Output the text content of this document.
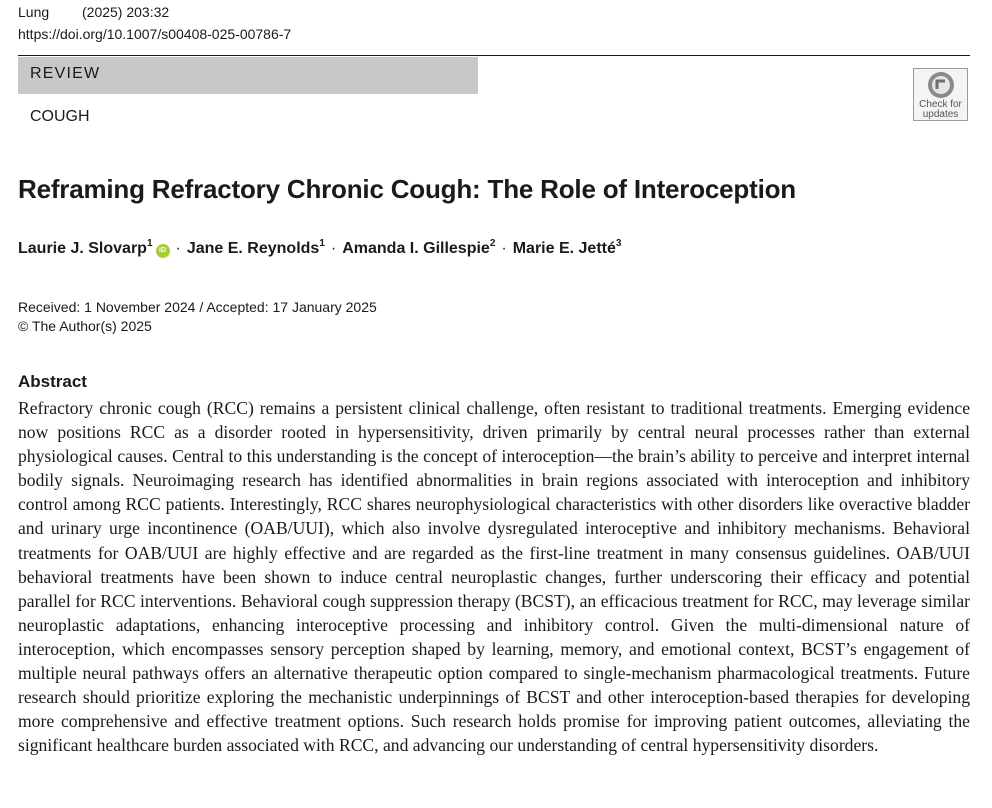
Lung (2025) 203:32
https://doi.org/10.1007/s00408-025-00786-7
REVIEW
COUGH
Check for
updates
Reframing Refractory Chronic Cough: The Role of Interoception
Laurie J. Slovarp$^1$iD · Jane E. Reynolds$^1$ · Amanda I. Gillespie$^2$ · Marie E. Jetté$^3$
Received: 1 November 2024 / Accepted: 17 January 2025
© The Author(s) 2025
Abstract

Refractory chronic cough (RCC) remains a persistent clinical challenge, often resistant to traditional treatments. Emerging evidence now positions RCC as a disorder rooted in hypersensitivity, driven primarily by central neural processes rather than external physiological causes. Central to this understanding is the concept of interoception—the brain’s ability to perceive and interpret internal bodily signals. Neuroimaging research has identified abnormalities in brain regions associated with interoception and inhibitory control among RCC patients. Interestingly, RCC shares neurophysiological characteristics with other disorders like overactive bladder and urinary urge incontinence (OAB/UUI), which also involve dysregulated interoceptive and inhibitory mechanisms. Behavioral treatments for OAB/UUI are highly effective and are regarded as the first-line treatment in many consensus guidelines. OAB/UUI behavioral treatments have been shown to induce central neuroplastic changes, further underscoring their efficacy and potential parallel for RCC interventions. Behavioral cough suppression therapy (BCST), an efficacious treatment for RCC, may leverage similar neuroplastic adaptations, enhancing interoceptive processing and inhibitory control. Given the multi-dimensional nature of interoception, which encompasses sensory perception shaped by learning, memory, and emotional context, BCST’s engagement of multiple neural pathways offers an alternative therapeutic option compared to single-mechanism pharmacological treatments. Future research should prioritize exploring the mechanistic underpinnings of BCST and other interoception-based therapies for developing more comprehensive and effective treatment options. Such research holds promise for improving patient outcomes, alleviating the significant healthcare burden associated with RCC, and advancing our understanding of central hypersensitivity disorders.
